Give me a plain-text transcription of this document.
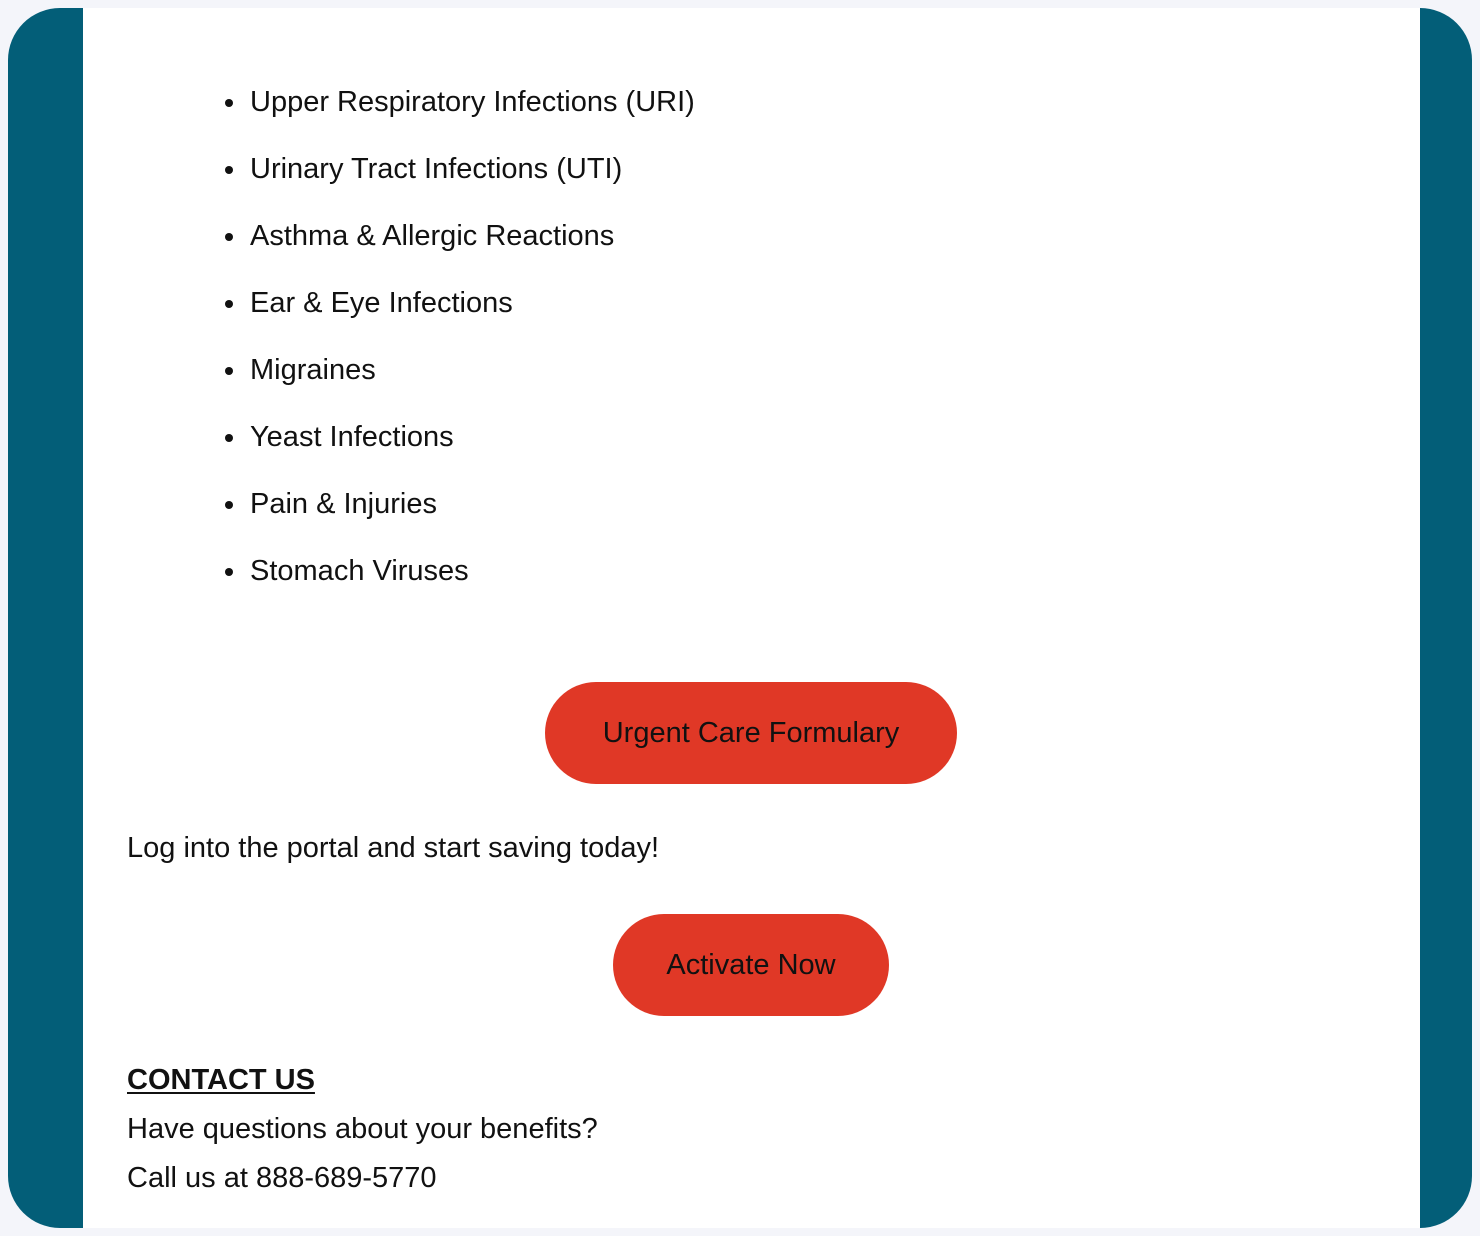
Upper Respiratory Infections (URI)
Urinary Tract Infections (UTI)
Asthma & Allergic Reactions
Ear & Eye Infections
Migraines
Yeast Infections
Pain & Injuries
Stomach Viruses
Urgent Care Formulary
Log into the portal and start saving today!
Activate Now
CONTACT US
Have questions about your benefits?
Call us at 888-689-5770
